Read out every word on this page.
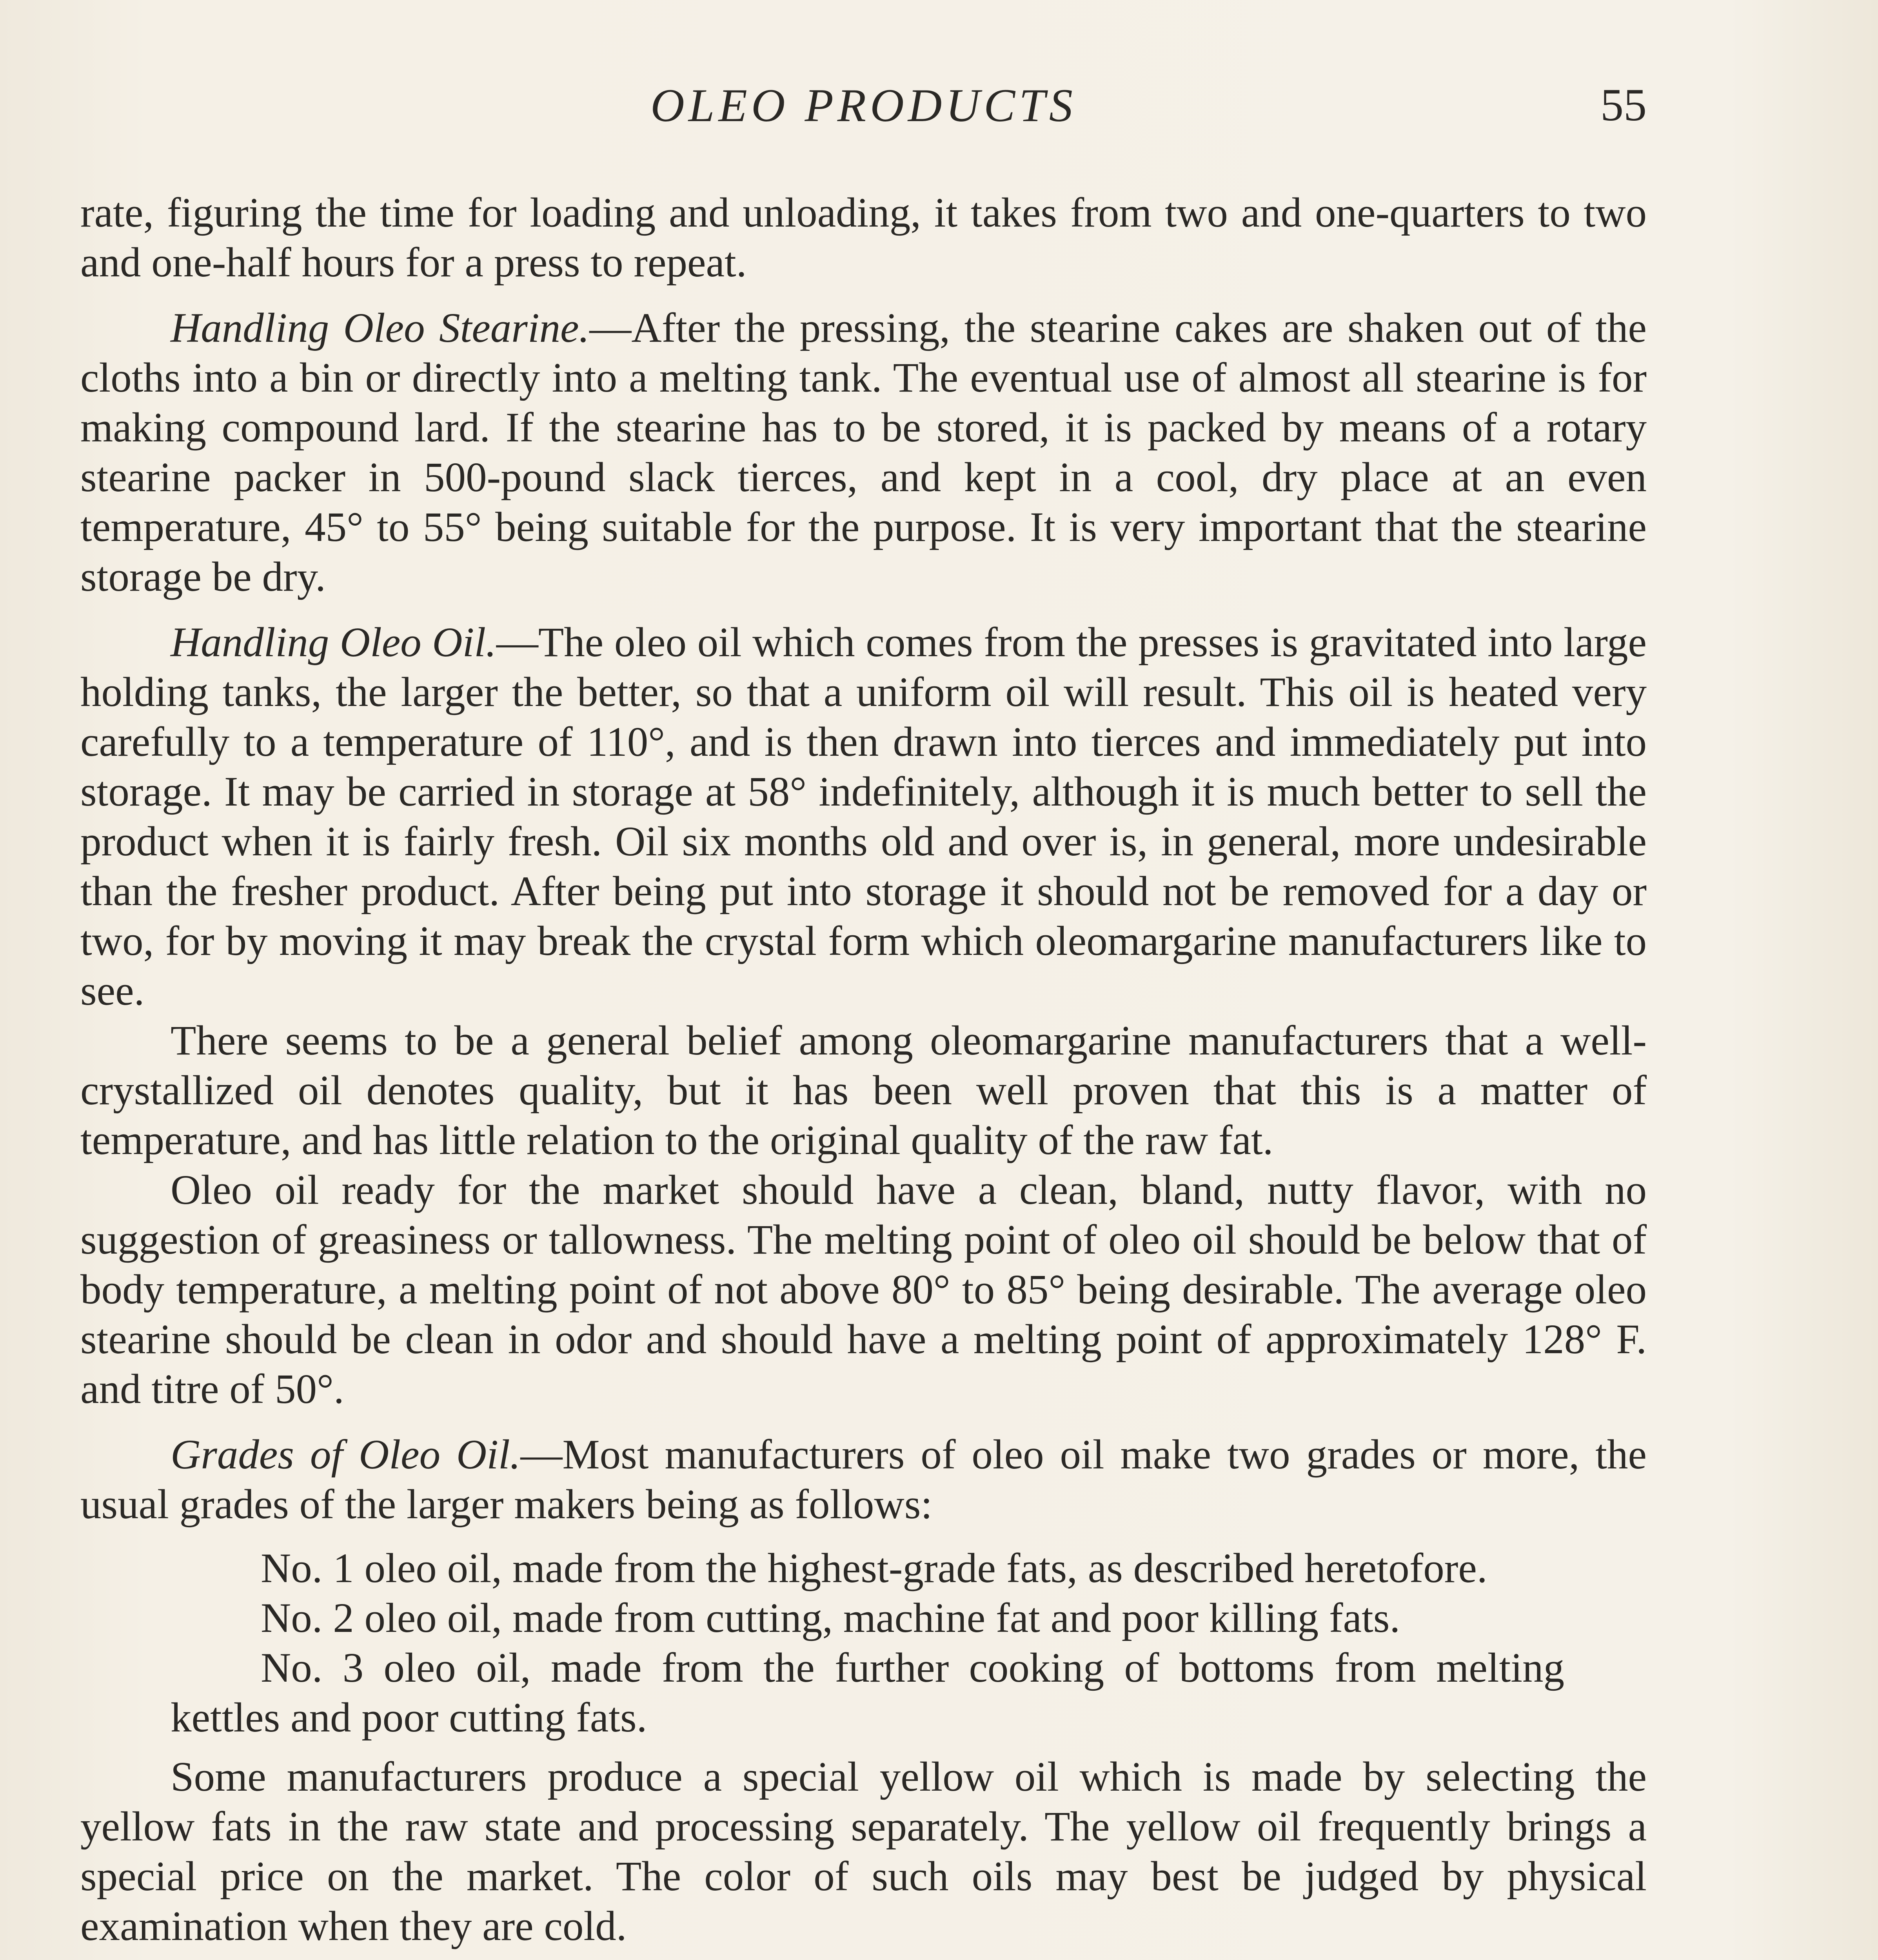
OLEO PRODUCTS	55

rate, figuring the time for loading and unloading, it takes from two and one-quarters to two and one-half hours for a press to repeat.

Handling Oleo Stearine.—After the pressing, the stearine cakes are shaken out of the cloths into a bin or directly into a melting tank. The eventual use of almost all stearine is for making compound lard. If the stearine has to be stored, it is packed by means of a rotary stearine packer in 500-pound slack tierces, and kept in a cool, dry place at an even temperature, 45° to 55° being suitable for the purpose. It is very important that the stearine storage be dry.

Handling Oleo Oil.—The oleo oil which comes from the presses is gravitated into large holding tanks, the larger the better, so that a uniform oil will result. This oil is heated very carefully to a temperature of 110°, and is then drawn into tierces and immediately put into storage. It may be carried in storage at 58° indefinitely, although it is much better to sell the product when it is fairly fresh. Oil six months old and over is, in general, more undesirable than the fresher product. After being put into storage it should not be removed for a day or two, for by moving it may break the crystal form which oleomargarine manufacturers like to see.

There seems to be a general belief among oleomargarine manufacturers that a well-crystallized oil denotes quality, but it has been well proven that this is a matter of temperature, and has little relation to the original quality of the raw fat.

Oleo oil ready for the market should have a clean, bland, nutty flavor, with no suggestion of greasiness or tallowness. The melting point of oleo oil should be below that of body temperature, a melting point of not above 80° to 85° being desirable. The average oleo stearine should be clean in odor and should have a melting point of approximately 128° F. and titre of 50°.

Grades of Oleo Oil.—Most manufacturers of oleo oil make two grades or more, the usual grades of the larger makers being as follows:

No. 1 oleo oil, made from the highest-grade fats, as described heretofore.

No. 2 oleo oil, made from cutting, machine fat and poor killing fats.

No. 3 oleo oil, made from the further cooking of bottoms from melting kettles and poor cutting fats.

Some manufacturers produce a special yellow oil which is made by selecting the yellow fats in the raw state and processing separately. The yellow oil frequently brings a special price on the market. The color of such oils may best be judged by physical examination when they are cold.
